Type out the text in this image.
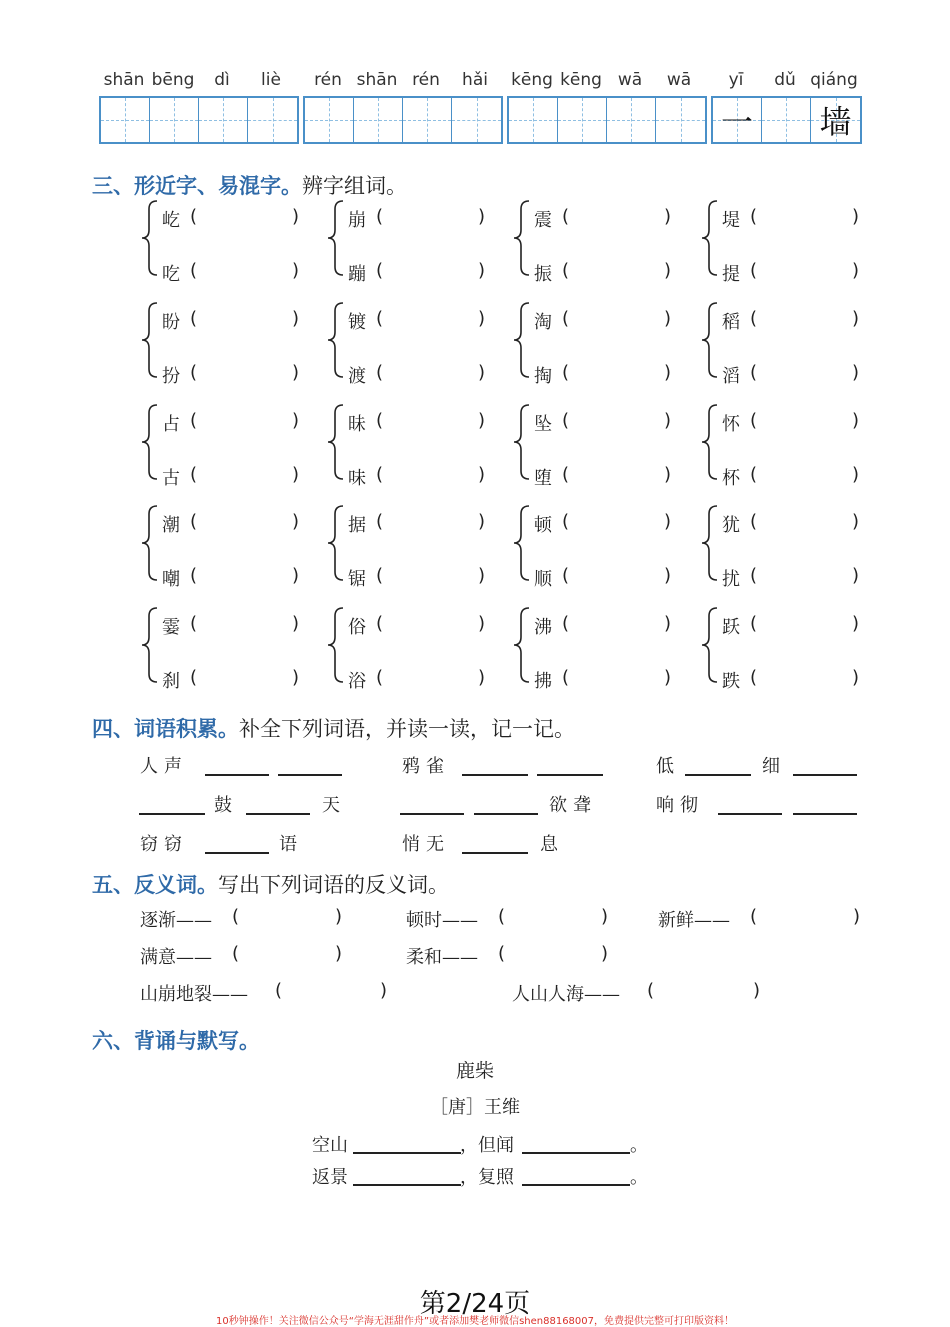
shān bēng dì liè rén shān rén hǎi kēng kēng wā wā yī dǔ qiáng
一 墙
三、形近字、易混字。辨字组词。
屹 (	)
吃 (	)
崩 (	)
蹦 (	)
震 (	)
振 (	)
堤 (	)
提 (	)
盼 (	)
扮 (	)
镀 (	)
渡 (	)
淘 (	)
掏 (	)
稻 (	)
滔 (	)
占 (	)
古 (	)
昧 (	)
味 (	)
坠 (	)
堕 (	)
怀 (	)
杯 (	)
潮 (	)
嘲 (	)
据 (	)
锯 (	)
顿 (	)
顺 (	)
犹 (	)
扰 (	)
霎 (	)
刹 (	)
俗 (	)
浴 (	)
沸 (	)
拂 (	)
跃 (	)
跌 (	)
四、词语积累。补全下列词语，并读一读，记一记。
人声	鸦雀	低	细
鼓	天	欲聋	响彻
窃窃	语	悄无	息
五、反义词。写出下列词语的反义词。
逐渐—— (	)	顿时—— (	)	新鲜—— (	)
满意—— (	)	柔和—— (	)
山崩地裂—— (	)	人山人海—— (	)
六、背诵与默写。
鹿柴
［唐］王维
空山	，但闻	。
返景	，复照	。
第2/24页
10秒钟操作！关注微信公众号“学海无涯甜作舟”或者添加樊老师微信shen88168007，免费提供完整可打印版资料！
